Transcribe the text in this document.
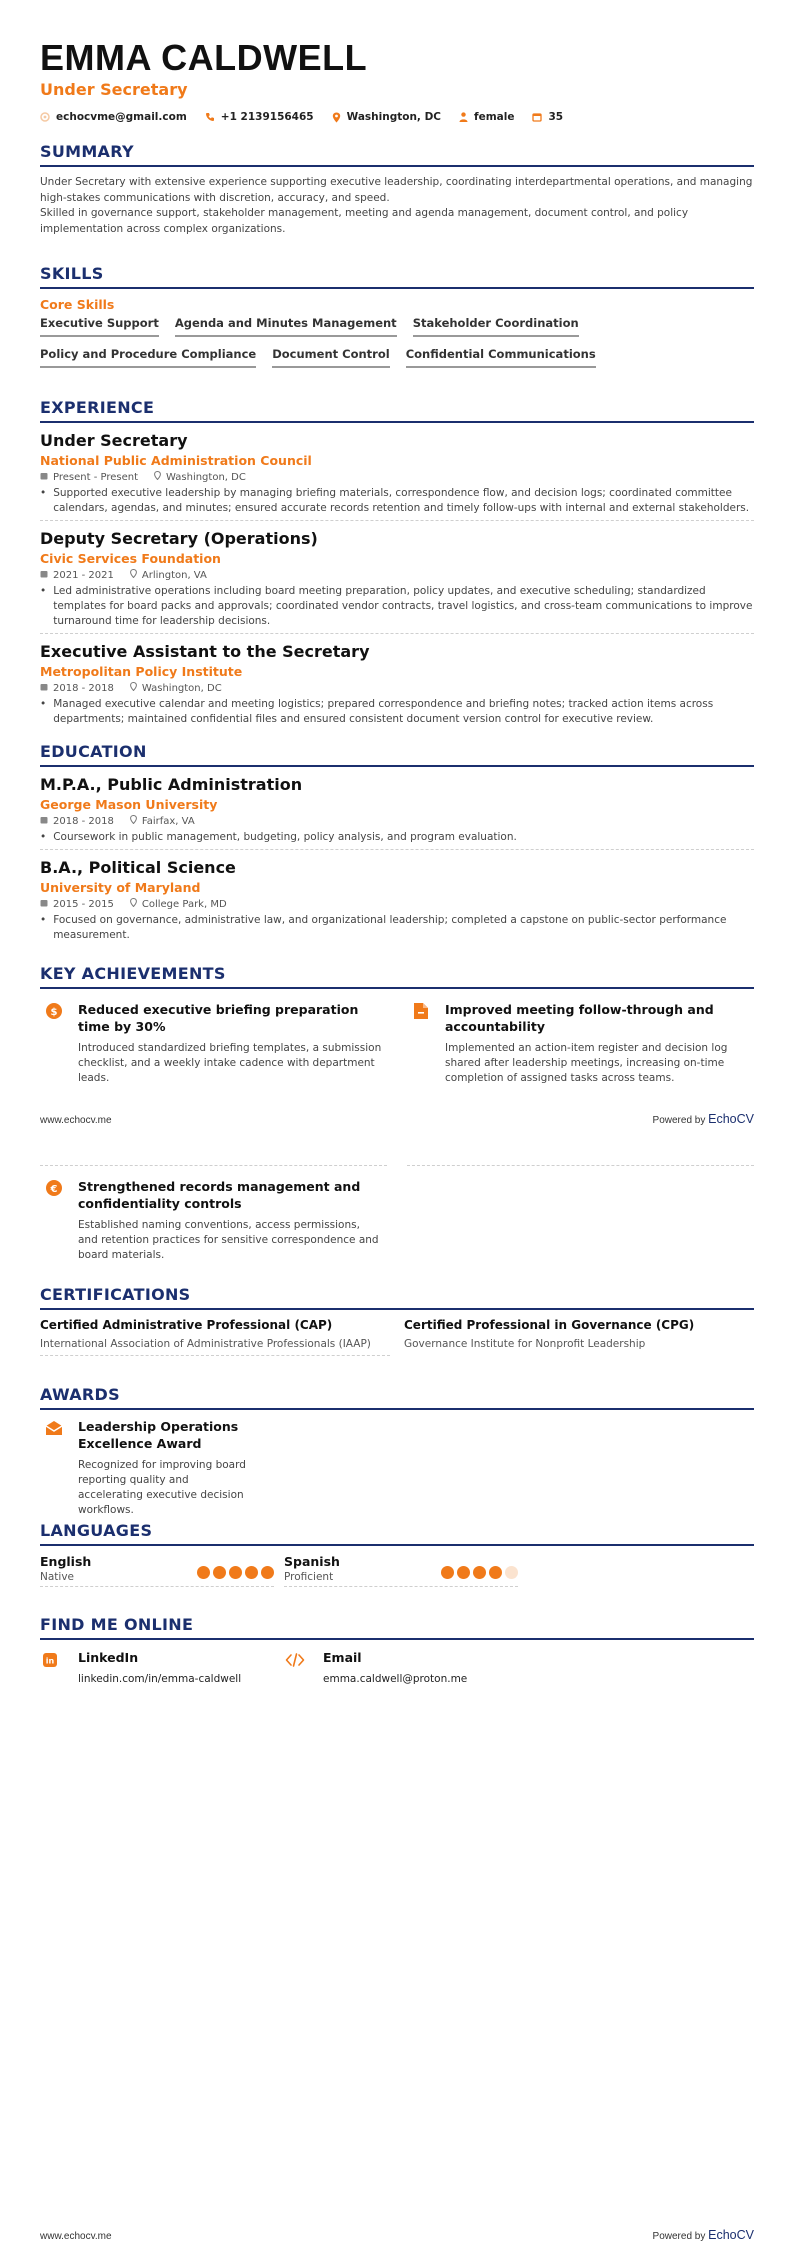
EMMA CALDWELL
Under Secretary
echocvme@gmail.com	+1 2139156465	Washington, DC	female	35
SUMMARY
Under Secretary with extensive experience supporting executive leadership, coordinating interdepartmental operations, and managing high-stakes communications with discretion, accuracy, and speed.
Skilled in governance support, stakeholder management, meeting and agenda management, document control, and policy implementation across complex organizations.
SKILLS
Core Skills
Executive Support Agenda and Minutes Management Stakeholder Coordination
Policy and Procedure Compliance Document Control Confidential Communications
EXPERIENCE
Under Secretary
National Public Administration Council
Present - Present	Washington, DC
• Supported executive leadership by managing briefing materials, correspondence flow, and decision logs; coordinated committee calendars, agendas, and minutes; ensured accurate records retention and timely follow-ups with internal and external stakeholders.
Deputy Secretary (Operations)
Civic Services Foundation
2021 - 2021	Arlington, VA
• Led administrative operations including board meeting preparation, policy updates, and executive scheduling; standardized templates for board packs and approvals; coordinated vendor contracts, travel logistics, and cross-team communications to improve turnaround time for leadership decisions.
Executive Assistant to the Secretary
Metropolitan Policy Institute
2018 - 2018	Washington, DC
• Managed executive calendar and meeting logistics; prepared correspondence and briefing notes; tracked action items across departments; maintained confidential files and ensured consistent document version control for executive review.
EDUCATION
M.P.A., Public Administration
George Mason University
2018 - 2018	Fairfax, VA
• Coursework in public management, budgeting, policy analysis, and program evaluation.
B.A., Political Science
University of Maryland
2015 - 2015	College Park, MD
• Focused on governance, administrative law, and organizational leadership; completed a capstone on public-sector performance measurement.
KEY ACHIEVEMENTS
$ Reduced executive briefing preparation time by 30%
Introduced standardized briefing templates, a submission checklist, and a weekly intake cadence with department leads.
Improved meeting follow-through and accountability
Implemented an action-item register and decision log shared after leadership meetings, increasing on-time completion of assigned tasks across teams.
www.echocv.me	Powered by EchoCV
€ Strengthened records management and confidentiality controls
Established naming conventions, access permissions, and retention practices for sensitive correspondence and board materials.
CERTIFICATIONS
Certified Administrative Professional (CAP)
International Association of Administrative Professionals (IAAP)
Certified Professional in Governance (CPG)
Governance Institute for Nonprofit Leadership
AWARDS
Leadership Operations Excellence Award
Recognized for improving board reporting quality and accelerating executive decision workflows.
LANGUAGES
English
Native
Spanish
Proficient
FIND ME ONLINE
in LinkedIn
linkedin.com/in/emma-caldwell
Email
emma.caldwell@proton.me
www.echocv.me	Powered by EchoCV
